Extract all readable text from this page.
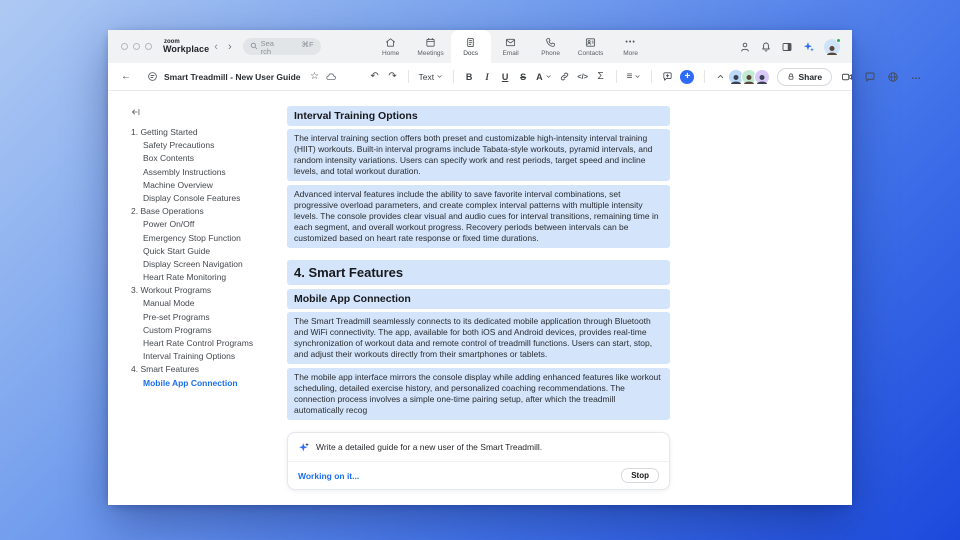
zoom
Workplace ‹ ›	Search
⌘F
Home	Meetings	Docs	Email	Phone	Contacts
•••
More
←	Smart Treadmill - New User Guide ☆	↶ ↷	Text	B	I	U	S	A	</> Σ	≡	+	Share	…
1. Getting Started
Safety Precautions
Box Contents
Assembly Instructions
Machine Overview
Display Console Features
2. Base Operations
Power On/Off
Emergency Stop Function
Quick Start Guide
Display Screen Navigation
Heart Rate Monitoring
3. Workout Programs
Manual Mode
Pre-set Programs
Custom Programs
Heart Rate Control Programs
Interval Training Options
4. Smart Features
Mobile App Connection
Interval Training Options
The interval training section offers both preset and customizable high-intensity interval training (HIIT) workouts. Built-in interval programs include Tabata-style workouts, pyramid intervals, and random intensity variations. Users can specify work and rest periods, target speed and incline levels, and total workout duration.
Advanced interval features include the ability to save favorite interval combinations, set progressive overload parameters, and create complex interval patterns with multiple intensity levels. The console provides clear visual and audio cues for interval transitions, remaining time in each segment, and overall workout progress. Recovery periods between intervals can be customized based on heart rate response or fixed time durations.
4. Smart Features
Mobile App Connection
The Smart Treadmill seamlessly connects to its dedicated mobile application through Bluetooth and WiFi connectivity. The app, available for both iOS and Android devices, provides real-time synchronization of workout data and remote control of treadmill functions. Users can start, stop, and adjust their workouts directly from their smartphones or tablets.
The mobile app interface mirrors the console display while adding enhanced features like workout scheduling, detailed exercise history, and personalized coaching recommendations. The connection process involves a simple one-time pairing setup, after which the treadmill automatically recog
Write a detailed guide for a new user of the Smart Treadmill.
Working on it...	Stop
